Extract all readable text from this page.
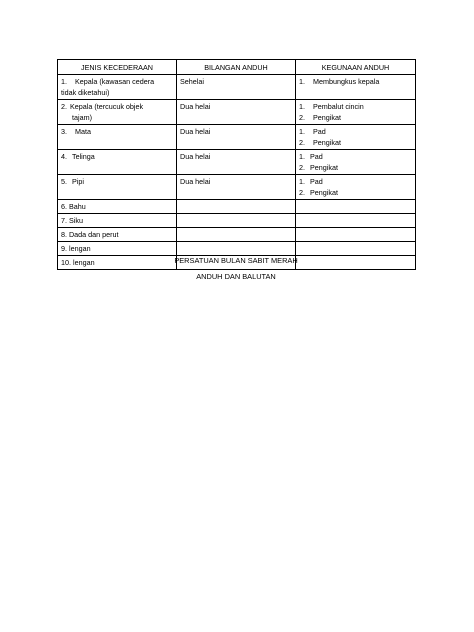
JENIS KECEDERAAN	BILANGAN ANDUH	KEGUNAAN ANDUH

1. Kepala (kawasan cedera
tidak diketahui)	Sehelai	1. Membungkus kepala

2. Kepala (tercucuk objek
tajam)	Dua helai	1. Pembalut cincin
2. Pengikat

3. Mata	Dua helai	1. Pad
2. Pengikat

4. Telinga	Dua helai	1. Pad
2. Pengikat

5. Pipi	Dua helai	1. Pad
2. Pengikat

6. Bahu		
7. Siku		
8. Dada dan perut		
9. lengan		
10. lengan			PERSATUAN BULAN SABIT MERAH
ANDUH DAN BALUTAN
